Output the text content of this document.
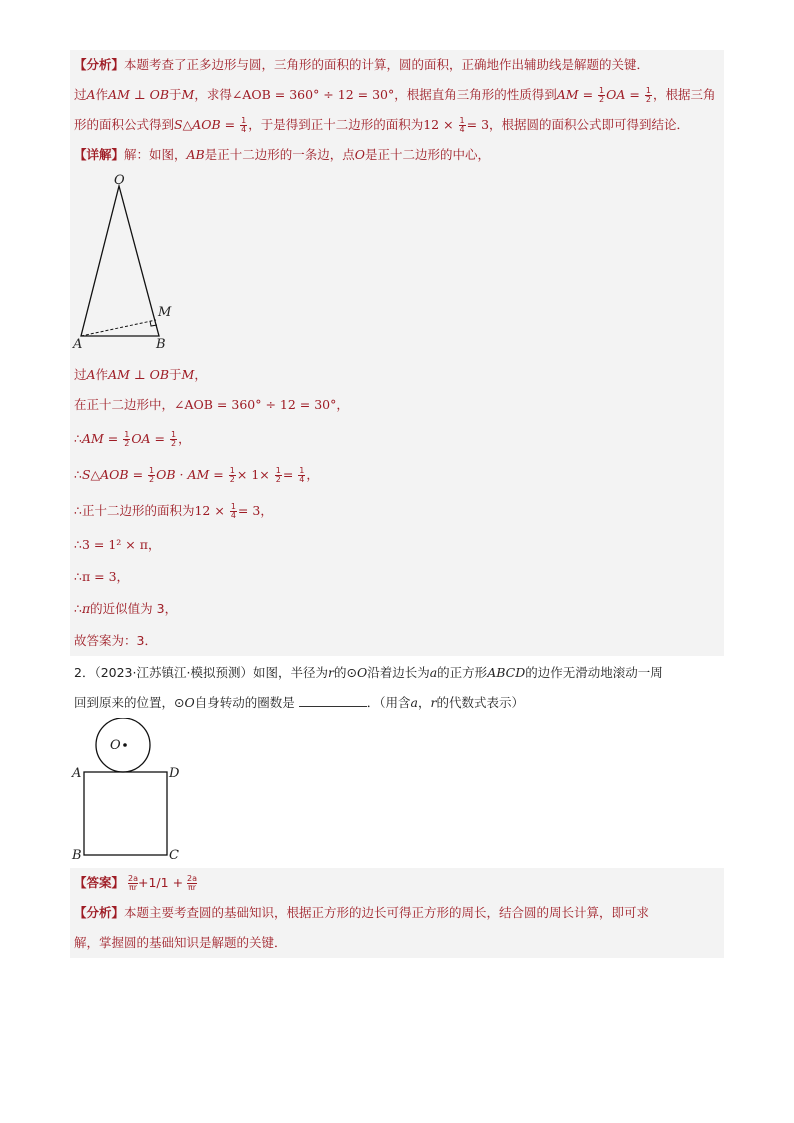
【分析】本题考查了正多边形与圆，三角形的面积的计算，圆的面积，正确地作出辅助线是解题的关键．
过A作AM ⊥ OB于M，求得∠AOB = 360° ÷ 12 = 30°，根据直角三角形的性质得到AM = $\frac{1}{2}$ OA = $\frac{1}{2}$ ，根据三角
形的面积公式得到S△AOB = $\frac{1}{4}$ ，于是得到正十二边形的面积为$12 \times \frac{1}{4} = 3$，根据圆的面积公式即可得到结论．
【详解】解：如图，AB是正十二边形的一条边，点O是正十二边形的中心，
O
A	B
M
过A作AM ⊥ OB于M，
在正十二边形中，∠AOB = 360° ÷ 12 = 30°，
∴AM = $\frac{1}{2}$ OA = $\frac{1}{2}$ ，
∴S△AOB = $\frac{1}{2}$ OB · AM = $\frac{1}{2} \times 1\times \frac{1}{2} = \frac{1}{4}$ ，
∴正十二边形的面积为$12 \times \frac{1}{4} = 3$，
∴3 = 1² × π，
∴π = 3，
∴π的近似值为 3，
故答案为：3．
2．（2023·江苏镇江·模拟预测）如图，半径为r的⊙O沿着边长为a的正方形ABCD的边作无滑动地滚动一周
回到原来的位置，⊙O自身转动的圈数是	．（用含a，r的代数式表示）
O
A	D
B	C
【答案】 $\frac{2a}{\pi r} +1/1 + \frac{2a}{\pi r}$
【分析】本题主要考查圆的基础知识，根据正方形的边长可得正方形的周长，结合圆的周长计算，即可求
解，掌握圆的基础知识是解题的关键．
